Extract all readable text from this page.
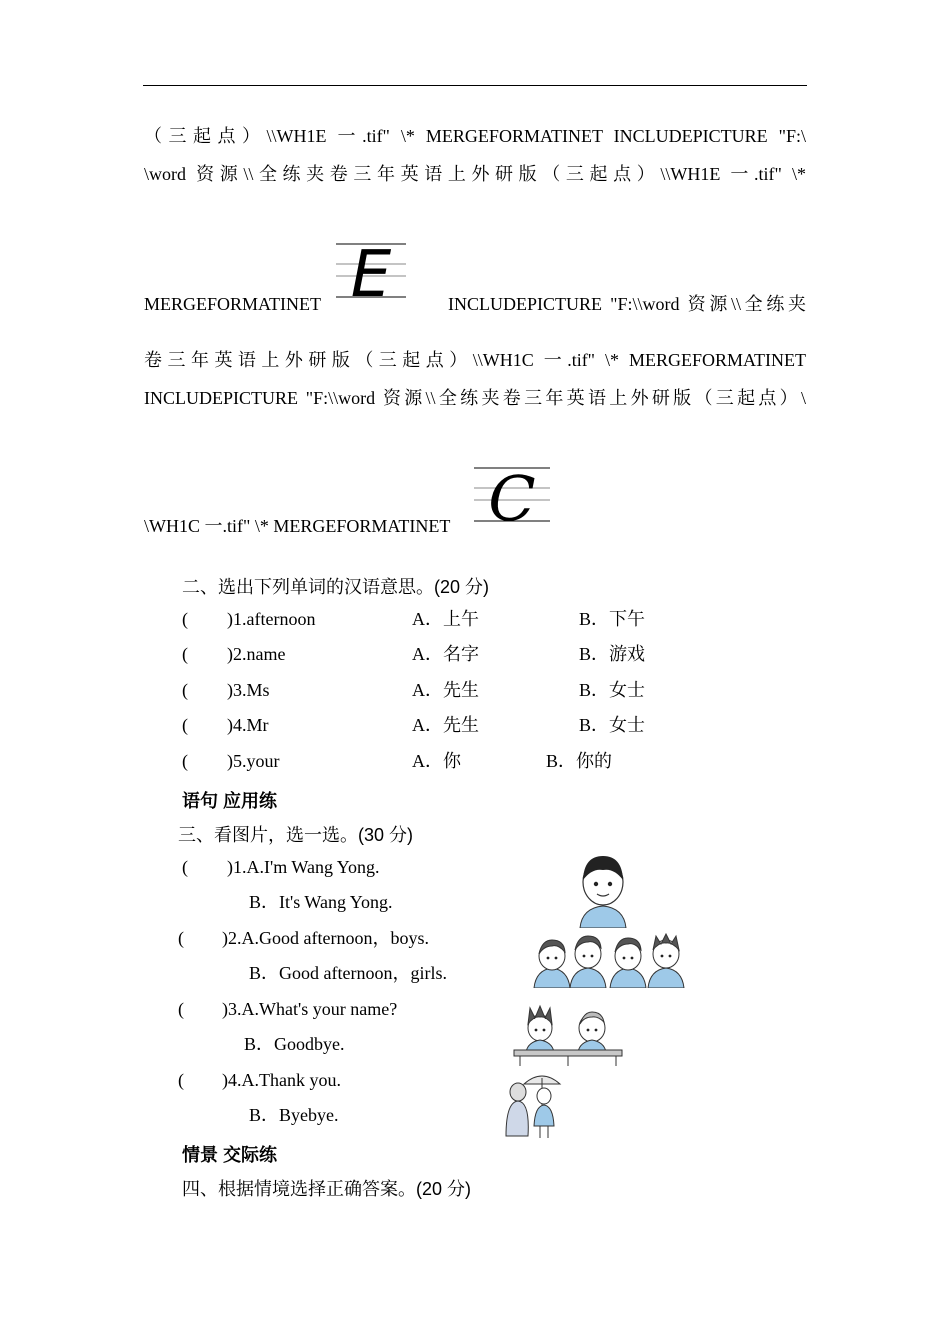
（三起点）\\WH1E 一.tif" \* MERGEFORMATINET INCLUDEPICTURE "F:\
\word 资源\\全练夹卷三年英语上外研版（三起点）\\WH1E 一.tif" \*
MERGEFORMATINET E	INCLUDEPICTURE "F:\\word 资源\\全练夹
卷三年英语上外研版（三起点）\\WH1C 一.tif" \* MERGEFORMATINET
INCLUDEPICTURE "F:\\word 资源\\全练夹卷三年英语上外研版（三起点）\
\WH1C 一.tif" \* MERGEFORMATINET C
二、选出下列单词的汉语意思。(20 分)
( ) 1.afternoon	A．上午	B．下午
( ) 2.name	A．名字	B．游戏
( ) 3.Ms	A．先生	B．女士
( ) 4.Mr	A．先生	B．女士
( ) 5.your	A．你	B．你的
语句 应用练
三、看图片，选一选。(30 分)
( ) 1.A.I'm Wang Yong.
B．It's Wang Yong.
( ) 2.A.Good afternoon，boys.
B．Good afternoon，girls.
( ) 3.A.What's your name?
B．Goodbye.
( ) 4.A.Thank you.
B．Byebye.
情景 交际练
四、根据情境选择正确答案。(20 分)
